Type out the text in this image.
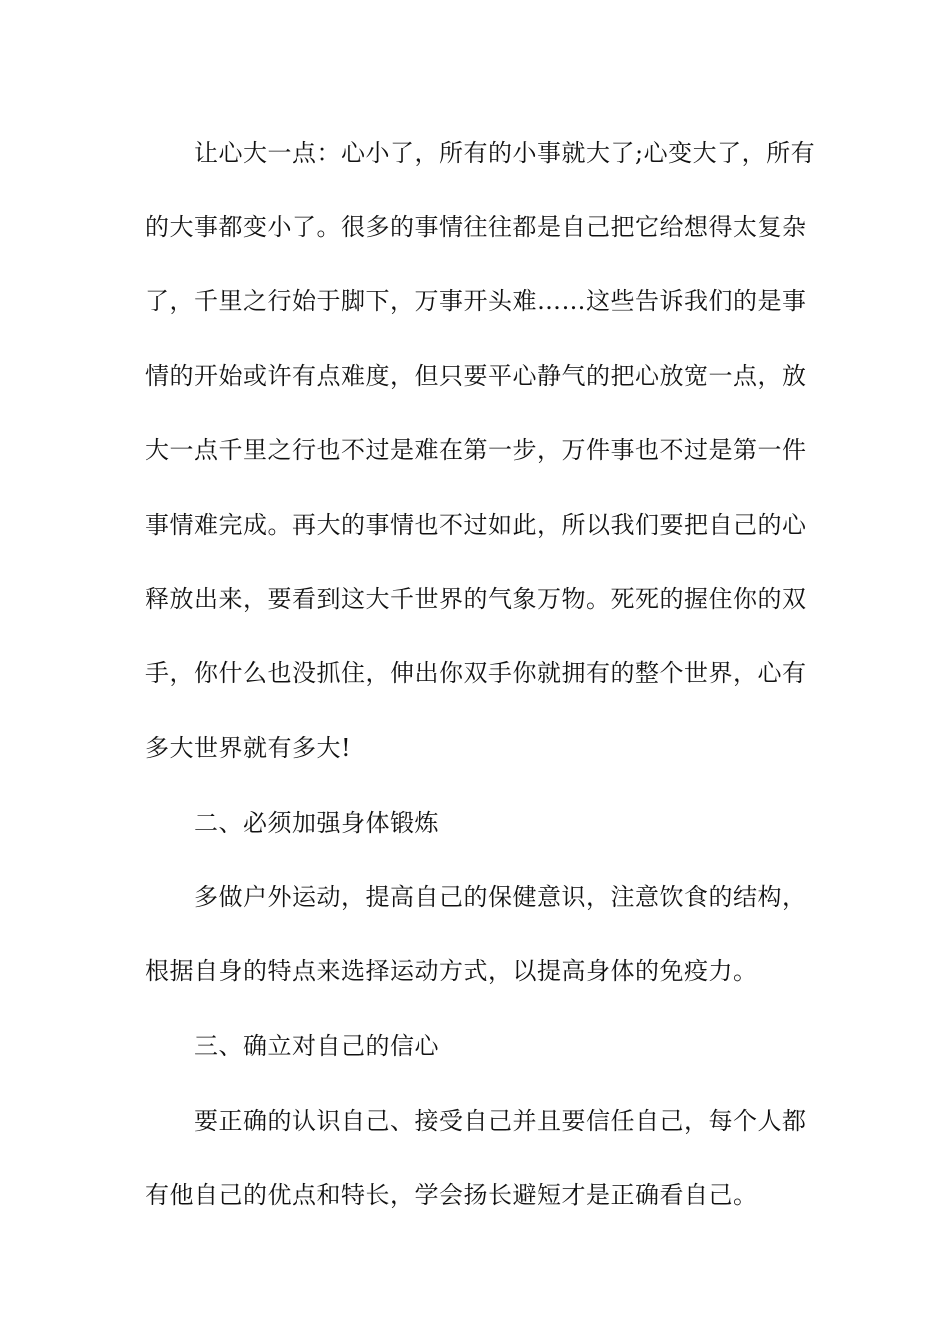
让心大一点：心小了，所有的小事就大了;心变大了，所有
的大事都变小了。很多的事情往往都是自己把它给想得太复杂
了，千里之行始于脚下，万事开头难……这些告诉我们的是事
情的开始或许有点难度，但只要平心静气的把心放宽一点，放
大一点千里之行也不过是难在第一步，万件事也不过是第一件
事情难完成。再大的事情也不过如此，所以我们要把自己的心
释放出来，要看到这大千世界的气象万物。死死的握住你的双
手，你什么也没抓住，伸出你双手你就拥有的整个世界，心有
多大世界就有多大!
二、必须加强身体锻炼
多做户外运动，提高自己的保健意识，注意饮食的结构，
根据自身的特点来选择运动方式，以提高身体的免疫力。
三、确立对自己的信心
要正确的认识自己、接受自己并且要信任自己，每个人都
有他自己的优点和特长，学会扬长避短才是正确看自己。
